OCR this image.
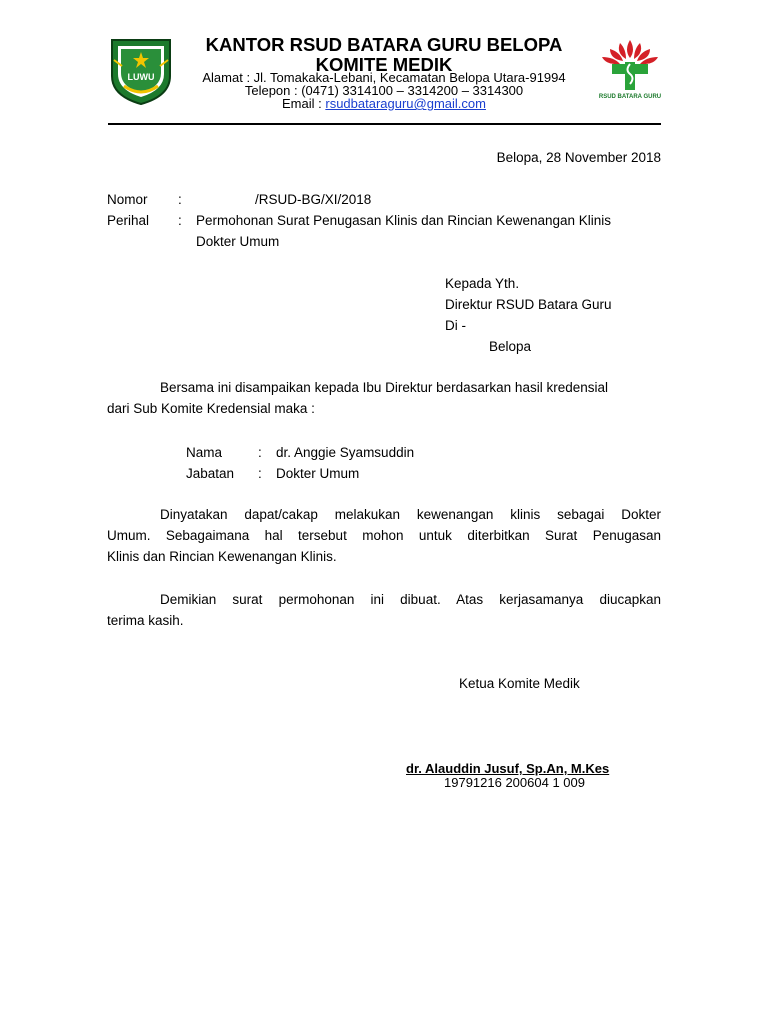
LUWU
KANTOR RSUD BATARA GURU BELOPA
KOMITE MEDIK
Alamat : Jl. Tomakaka-Lebani, Kecamatan Belopa Utara-91994
Telepon : (0471) 3314100 – 3314200 – 3314300
Email : rsudbataraguru@gmail.com	RSUD BATARA GURU
Belopa, 28 November 2018
Nomor :	/RSUD-BG/XI/2018
Perihal : Permohonan Surat Penugasan Klinis dan Rincian Kewenangan Klinis
Dokter Umum
Kepada Yth.
Direktur RSUD Batara Guru
Di -
Belopa
Bersama ini disampaikan kepada Ibu Direktur berdasarkan hasil kredensial
dari Sub Komite Kredensial maka :
Nama	: dr. Anggie Syamsuddin
Jabatan : Dokter Umum
Dinyatakan dapat/cakap melakukan kewenangan klinis sebagai Dokter
Umum. Sebagaimana hal tersebut mohon untuk diterbitkan Surat Penugasan
Klinis dan Rincian Kewenangan Klinis.
Demikian surat permohonan ini dibuat. Atas kerjasamanya diucapkan
terima kasih.
Ketua Komite Medik
dr. Alauddin Jusuf, Sp.An, M.Kes
19791216 200604 1 009
